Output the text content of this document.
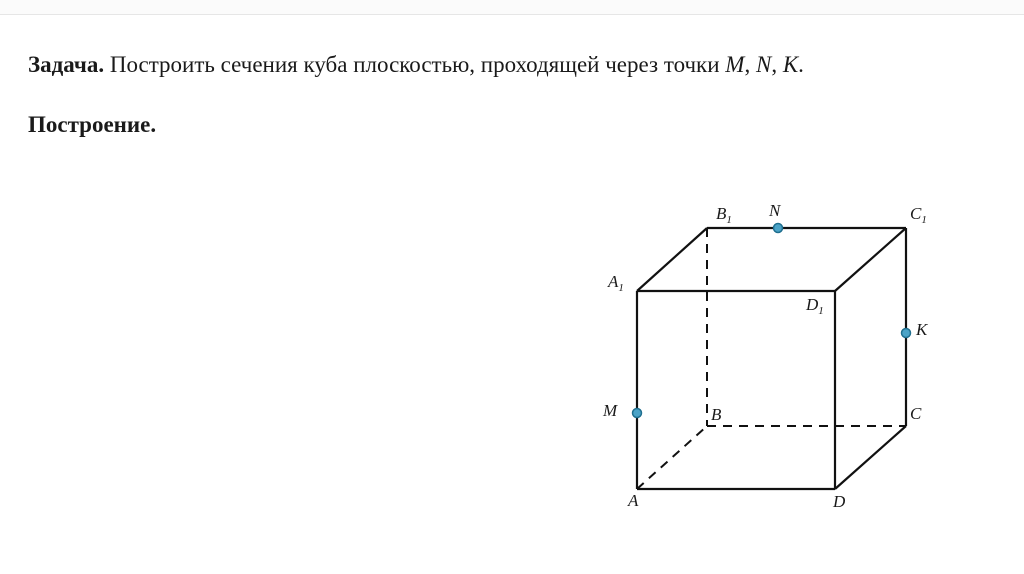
Задача. Построить сечения куба плоскостью, проходящей через точки M, N, K.
Построение.
$B_1$	$C_1$
$A_1$
$D_1$
B	C
A	D
N
K
M
